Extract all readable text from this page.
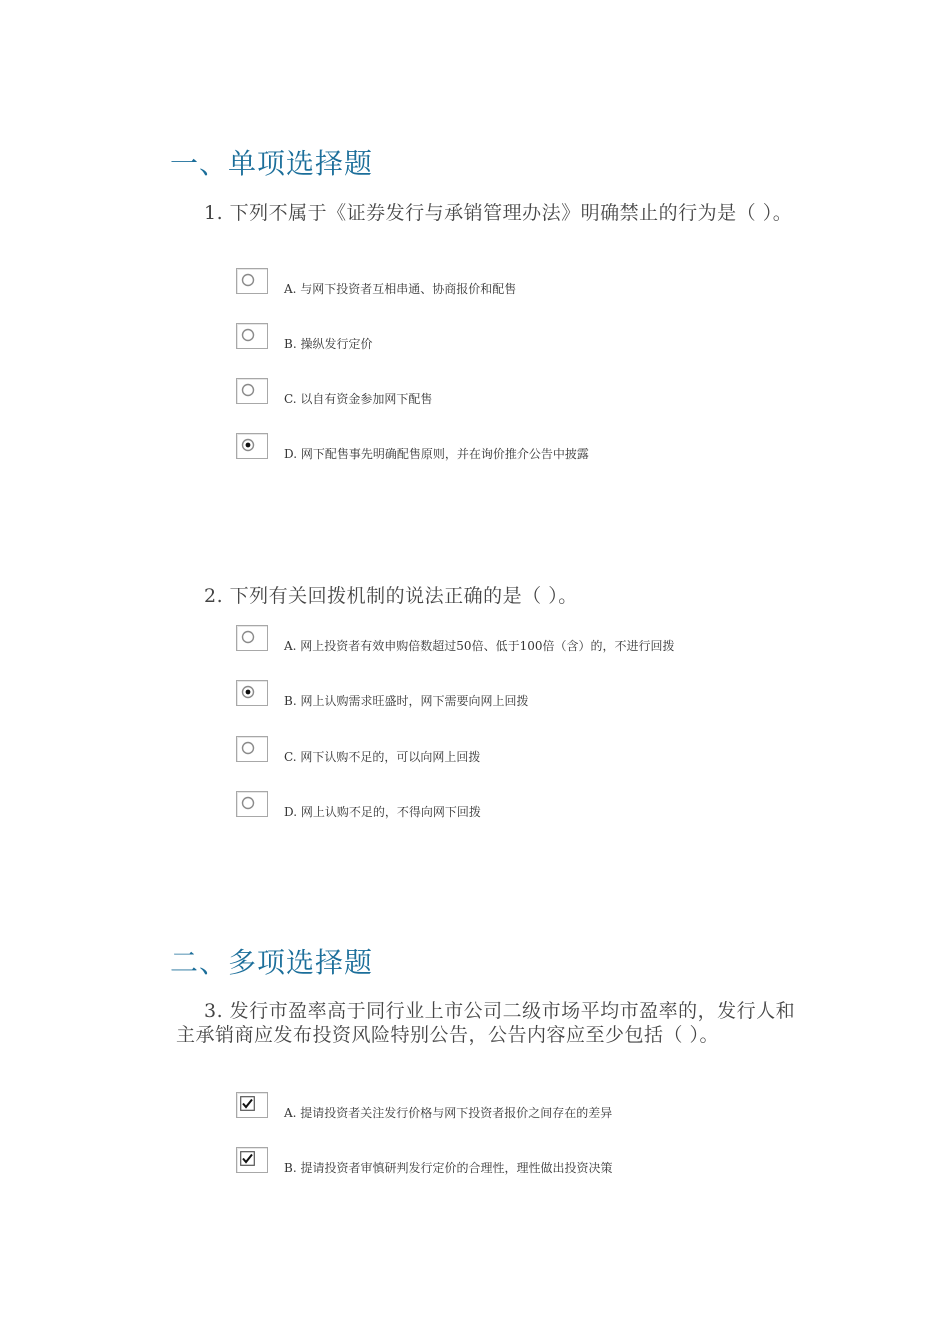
一、单项选择题
1. 下列不属于《证券发行与承销管理办法》明确禁止的行为是（ ）。
A. 与网下投资者互相串通、协商报价和配售
B. 操纵发行定价
C. 以自有资金参加网下配售
D. 网下配售事先明确配售原则，并在询价推介公告中披露
2. 下列有关回拨机制的说法正确的是（ ）。
A. 网上投资者有效申购倍数超过50倍、低于100倍（含）的，不进行回拨
B. 网上认购需求旺盛时，网下需要向网上回拨
C. 网下认购不足的，可以向网上回拨
D. 网上认购不足的，不得向网下回拨
二、多项选择题
3. 发行市盈率高于同行业上市公司二级市场平均市盈率的，发行人和主承销商应发布投资风险特别公告，公告内容应至少包括（ ）。
A. 提请投资者关注发行价格与网下投资者报价之间存在的差异
B. 提请投资者审慎研判发行定价的合理性，理性做出投资决策
